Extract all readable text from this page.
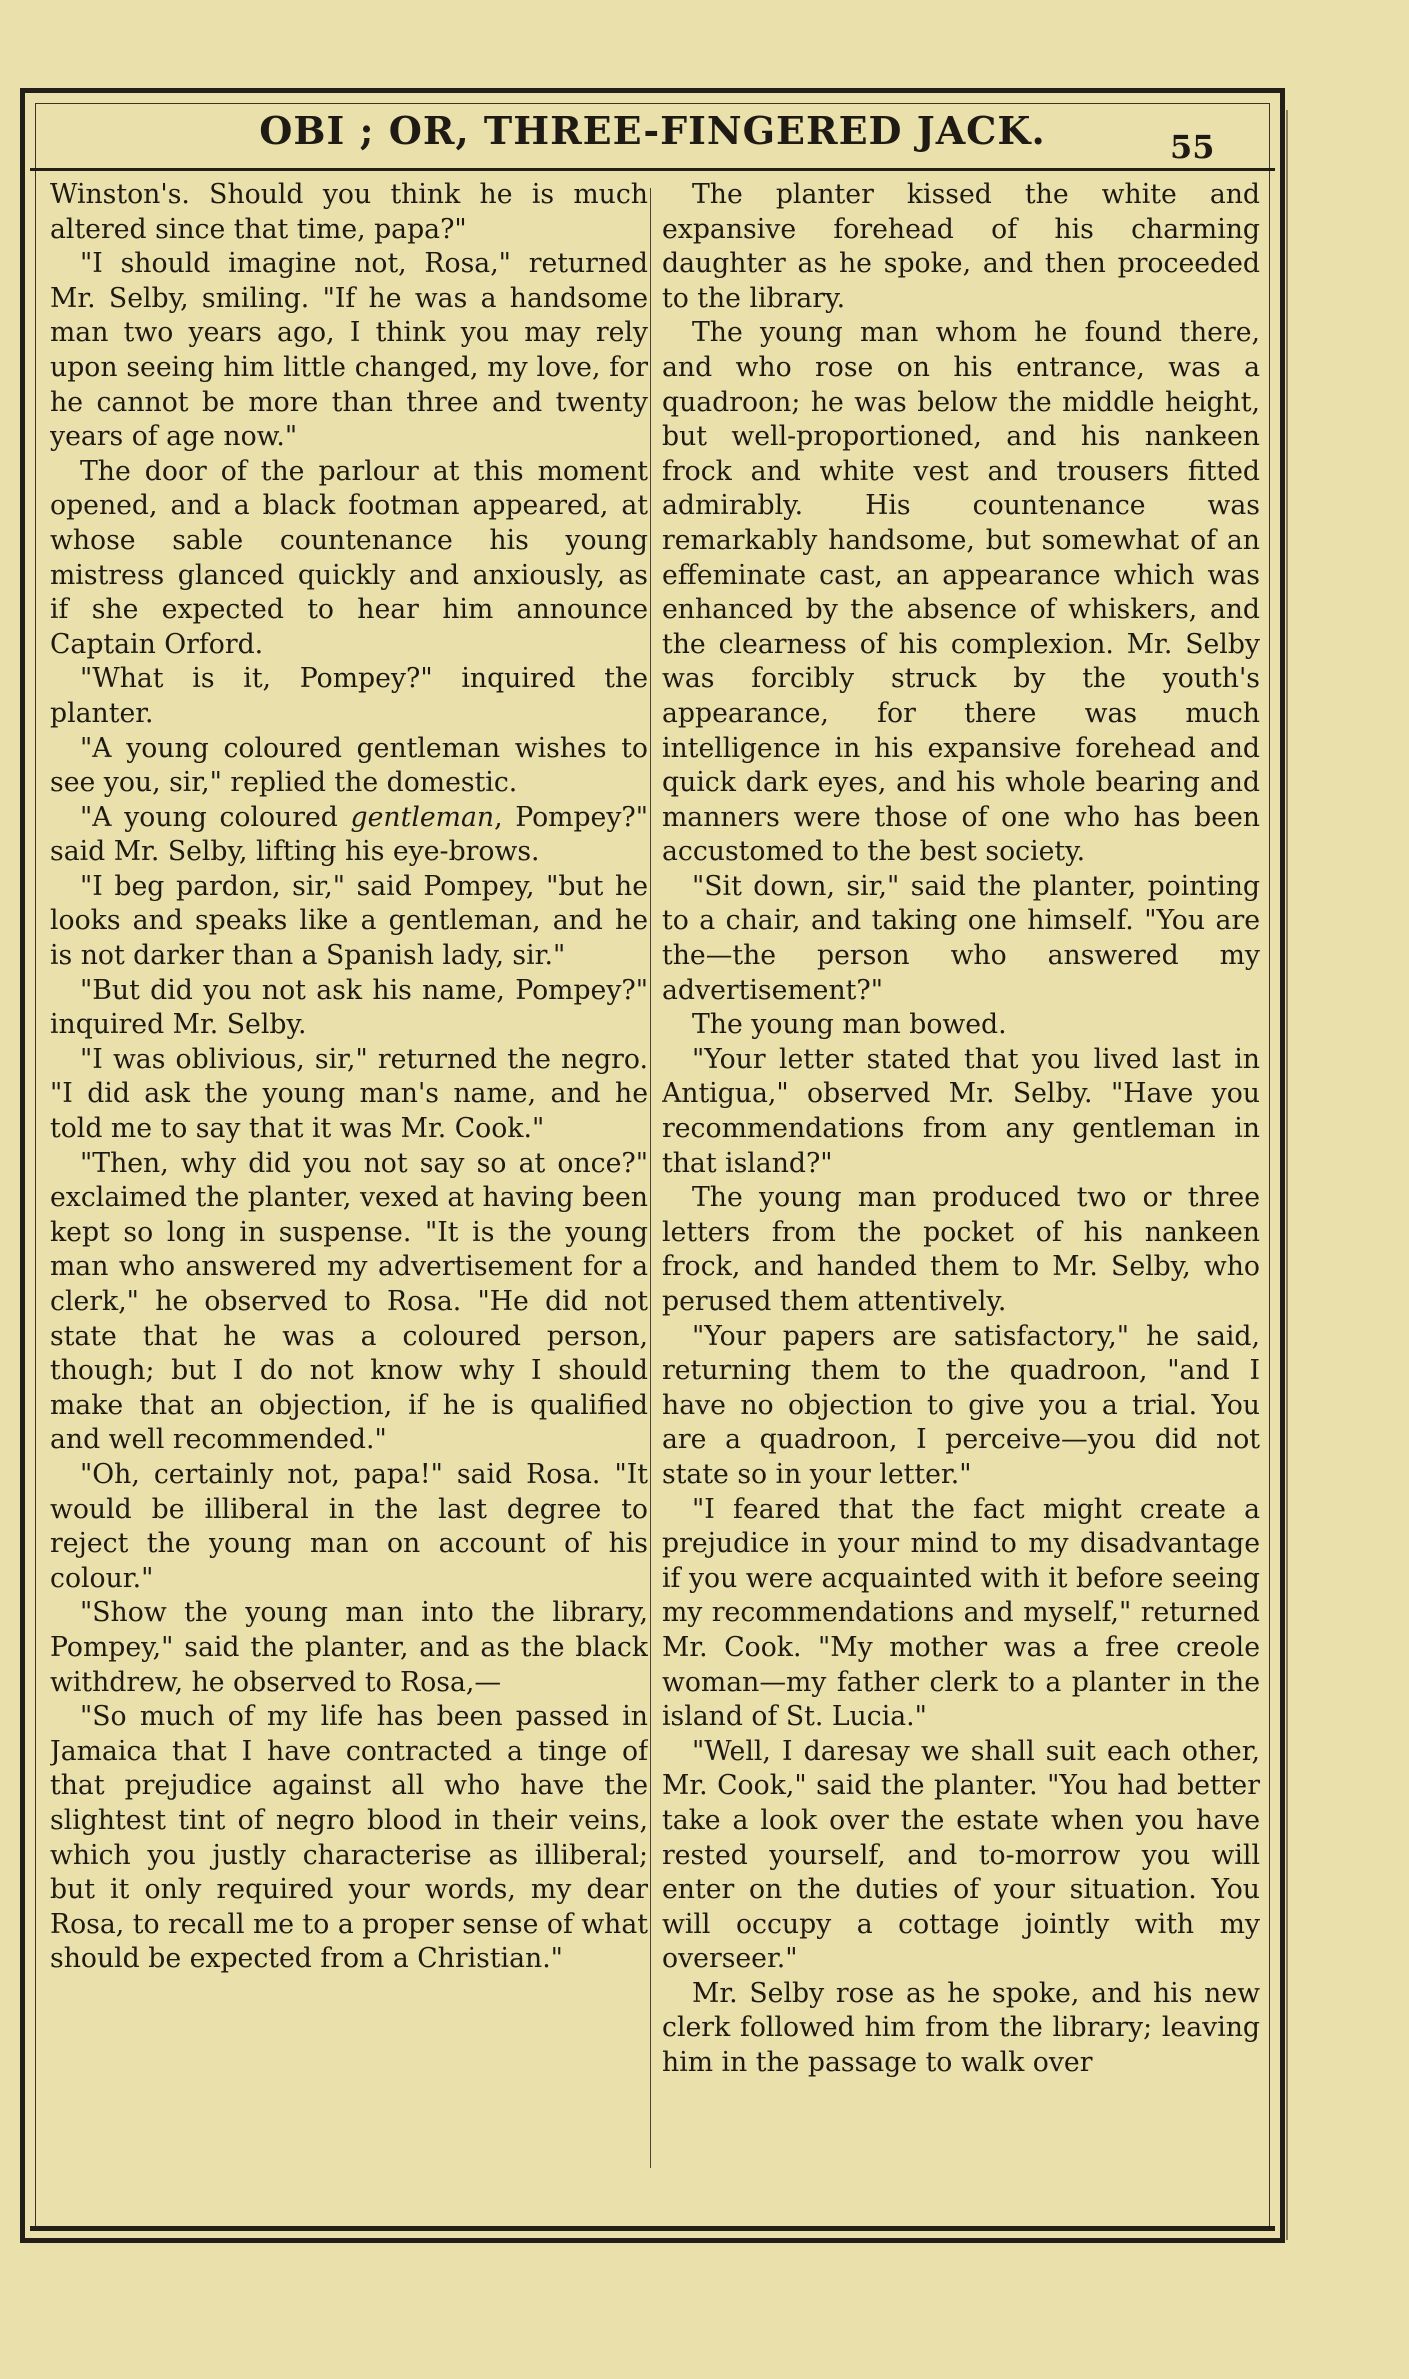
OBI ; OR, THREE-FINGERED JACK.	55

Winston's. Should you think he is much altered since that time, papa?"

"I should imagine not, Rosa," returned Mr. Selby, smiling. "If he was a handsome man two years ago, I think you may rely upon seeing him little changed, my love, for he cannot be more than three and twenty years of age now."

The door of the parlour at this moment opened, and a black footman appeared, at whose sable countenance his young mistress glanced quickly and anxiously, as if she expected to hear him announce Captain Orford.

"What is it, Pompey?" inquired the planter.

"A young coloured gentleman wishes to see you, sir," replied the domestic.

"A young coloured gentleman, Pompey?" said Mr. Selby, lifting his eye-brows.

"I beg pardon, sir," said Pompey, "but he looks and speaks like a gentleman, and he is not darker than a Spanish lady, sir."

"But did you not ask his name, Pompey?" inquired Mr. Selby.

"I was oblivious, sir," returned the negro. "I did ask the young man's name, and he told me to say that it was Mr. Cook."

"Then, why did you not say so at once?" exclaimed the planter, vexed at having been kept so long in suspense. "It is the young man who answered my advertisement for a clerk," he observed to Rosa. "He did not state that he was a coloured person, though; but I do not know why I should make that an objection, if he is qualified and well recommended."

"Oh, certainly not, papa!" said Rosa. "It would be illiberal in the last degree to reject the young man on account of his colour."

"Show the young man into the library, Pompey," said the planter, and as the black withdrew, he observed to Rosa,—

"So much of my life has been passed in Jamaica that I have contracted a tinge of that prejudice against all who have the slightest tint of negro blood in their veins, which you justly characterise as illiberal; but it only required your words, my dear Rosa, to recall me to a proper sense of what should be expected from a Christian."

The planter kissed the white and expansive forehead of his charming daughter as he spoke, and then proceeded to the library.

The young man whom he found there, and who rose on his entrance, was a quadroon; he was below the middle height, but well-proportioned, and his nankeen frock and white vest and trousers fitted admirably. His countenance was remarkably handsome, but somewhat of an effeminate cast, an appearance which was enhanced by the absence of whiskers, and the clearness of his complexion. Mr. Selby was forcibly struck by the youth's appearance, for there was much intelligence in his expansive forehead and quick dark eyes, and his whole bearing and manners were those of one who has been accustomed to the best society.

"Sit down, sir," said the planter, pointing to a chair, and taking one himself. "You are the—the person who answered my advertisement?"

The young man bowed.

"Your letter stated that you lived last in Antigua," observed Mr. Selby. "Have you recommendations from any gentleman in that island?"

The young man produced two or three letters from the pocket of his nankeen frock, and handed them to Mr. Selby, who perused them attentively.

"Your papers are satisfactory," he said, returning them to the quadroon, "and I have no objection to give you a trial. You are a quadroon, I perceive—you did not state so in your letter."

"I feared that the fact might create a prejudice in your mind to my disadvantage if you were acquainted with it before seeing my recommendations and myself," returned Mr. Cook. "My mother was a free creole woman—my father clerk to a planter in the island of St. Lucia."

"Well, I daresay we shall suit each other, Mr. Cook," said the planter. "You had better take a look over the estate when you have rested yourself, and to-morrow you will enter on the duties of your situation. You will occupy a cottage jointly with my overseer."

Mr. Selby rose as he spoke, and his new clerk followed him from the library; leaving him in the passage to walk over
